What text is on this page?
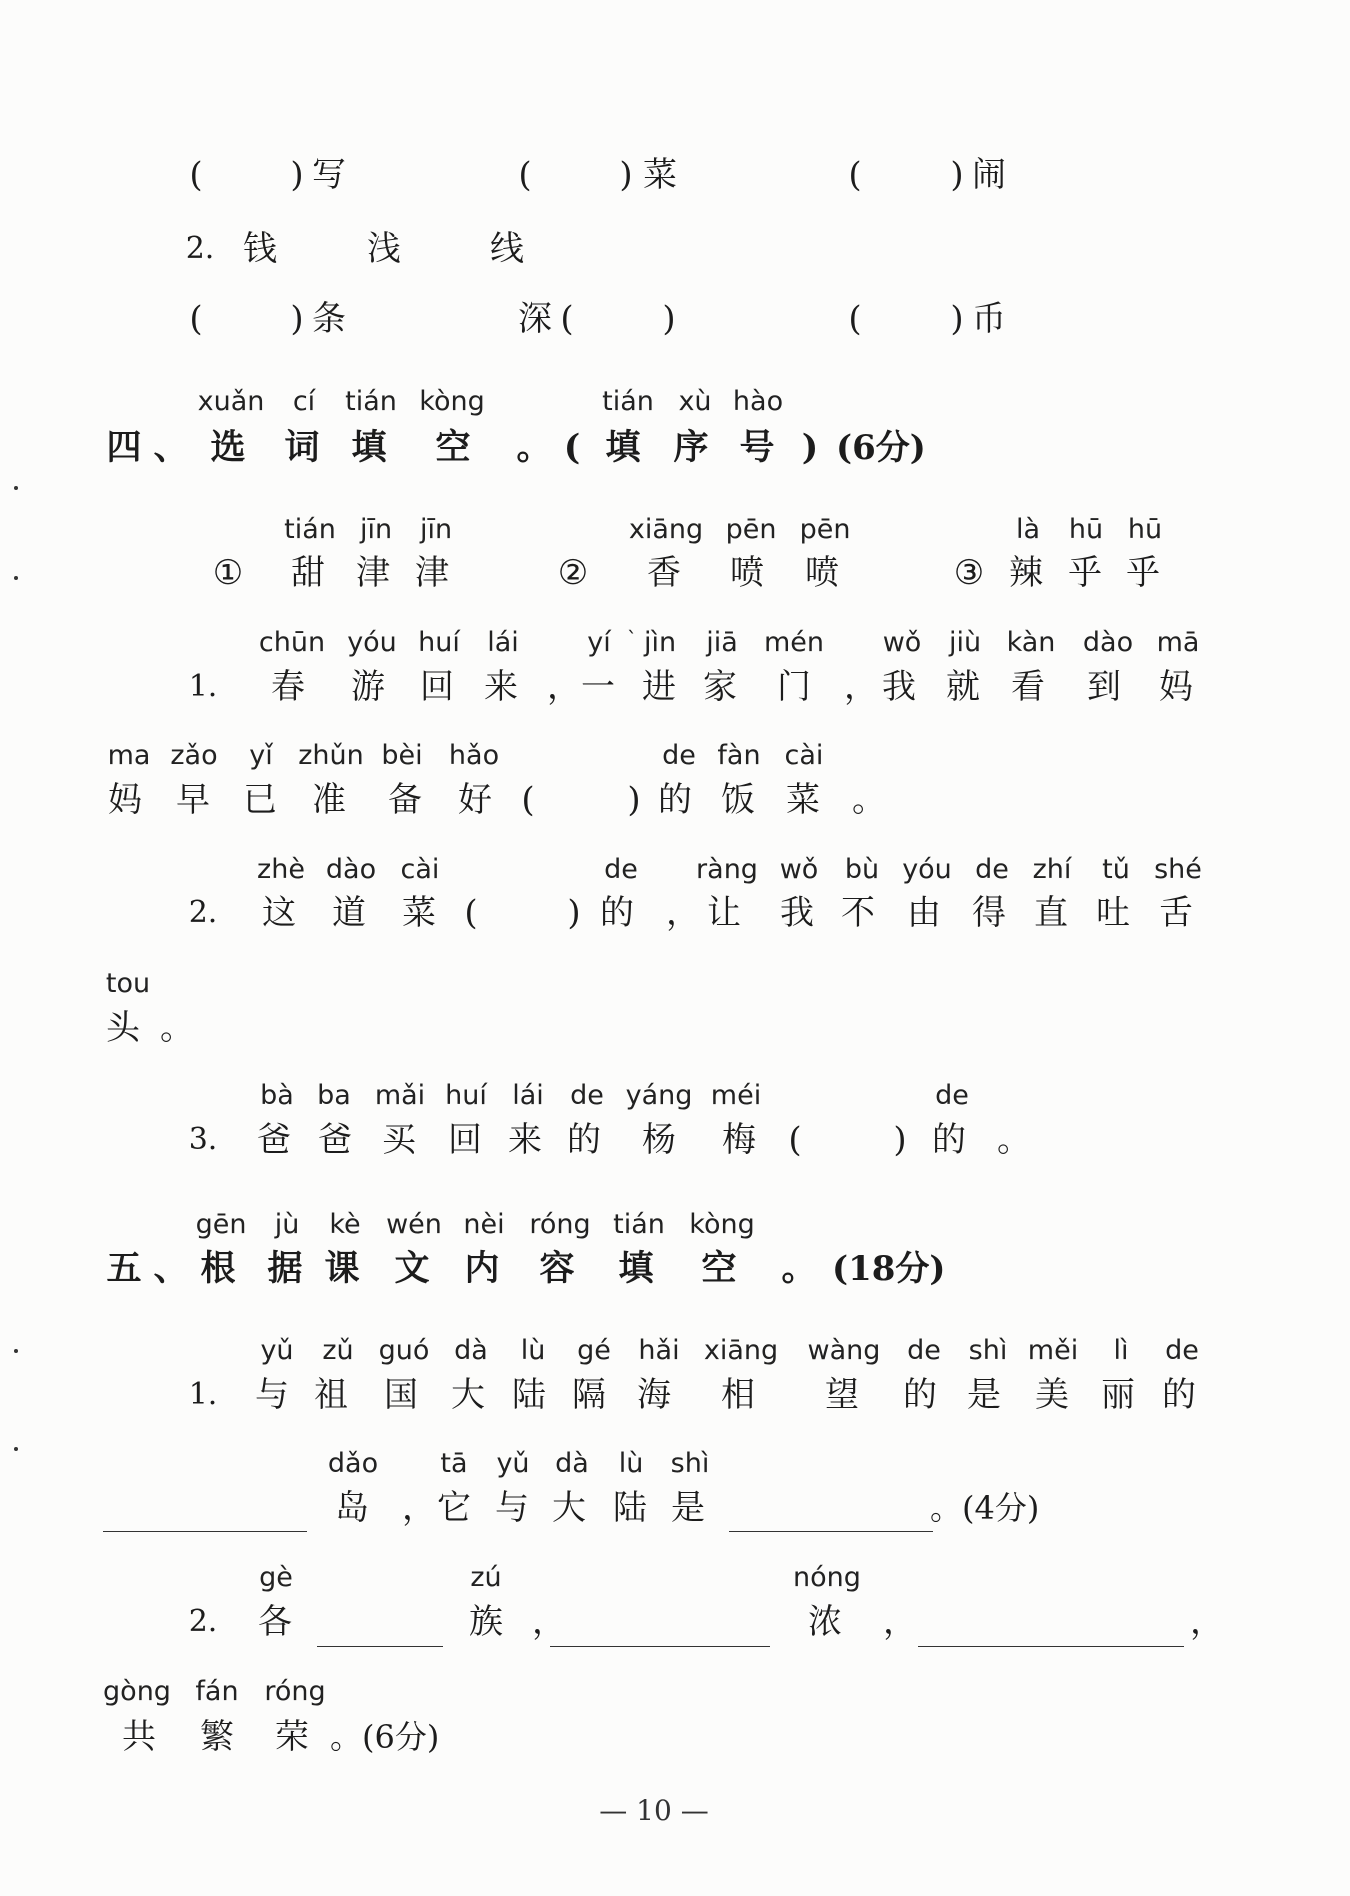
(	) 写	(	) 菜	(	) 闹
2. 钱	浅	线
(	) 条	深 (	)	(	) 币
xuǎn cí tián kòng	tián xù hào
四 、 选 词 填 空 。 ( 填 序 号 ) (6分)
tián jīn jīn	xiāng pēn pēn	là hū hū
① 甜 津 津	② 香 喷 喷	③ 辣 乎 乎
chūn yóu huí lái	yí ˋ jìn jiā mén wǒ jiù kàn dào mā
1. 春 游 回 来 ， 一 进 家 门 ， 我 就 看 到 妈
ma zǎo yǐ zhǔn bèi hǎo	de fàn cài
妈 早 已 准 备 好 (	) 的 饭 菜 。
zhè dào cài	de ràng wǒ bù yóu de zhí tǔ shé
2. 这 道 菜 (	) 的 ， 让 我 不 由 得 直 吐 舌
tou
头 。
bà ba mǎi huí lái de yáng méi	de
3. 爸 爸 买 回 来 的 杨 梅 (	) 的 。
gēn jù kè wén nèi róng tián kòng
五 、 根 据 课 文 内 容 填 空 。 (18分)
yǔ zǔ guó dà lù gé hǎi xiāng wàng de shì měi lì de
1. 与 祖 国 大 陆 隔 海 相 望 的 是 美 丽 的
dǎo tā yǔ dà lù shì
岛 ， 它 与 大 陆 是	。(4分)
gè	zú	nóng
2. 各	族 ，	浓 ，	，
gòng fán róng
共 繁 荣 。(6分)
— 10 —
